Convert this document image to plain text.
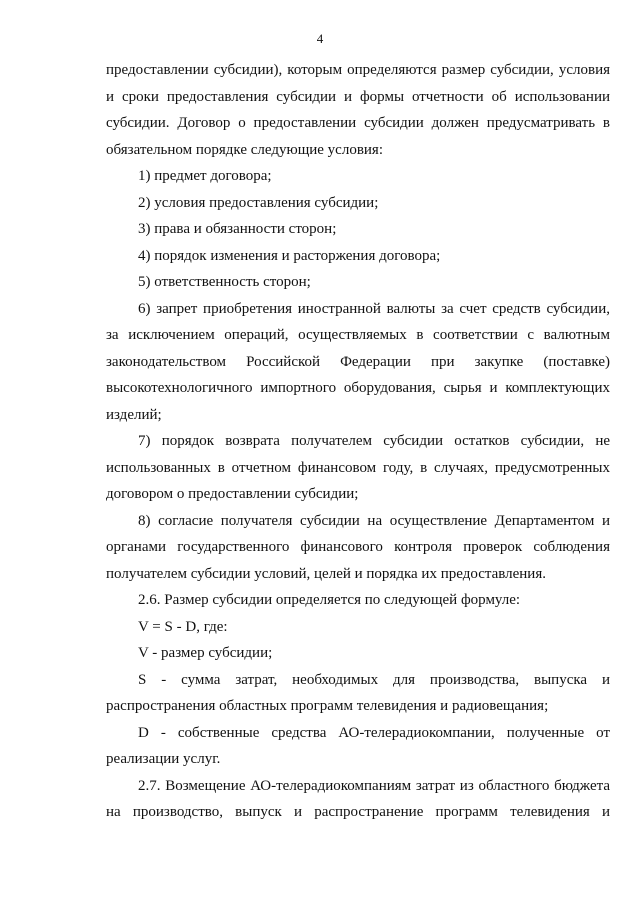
4

предоставлении субсидии), которым определяются размер субсидии, условия и сроки предоставления субсидии и формы отчетности об использовании субсидии. Договор о предоставлении субсидии должен предусматривать в обязательном порядке следующие условия:

1) предмет договора;

2) условия предоставления субсидии;

3) права и обязанности сторон;

4) порядок изменения и расторжения договора;

5) ответственность сторон;

6) запрет приобретения иностранной валюты за счет средств субсидии, за исключением операций, осуществляемых в соответствии с валютным законодательством Российской Федерации при закупке (поставке) высокотехнологичного импортного оборудования, сырья и комплектующих изделий;

7) порядок возврата получателем субсидии остатков субсидии, не использованных в отчетном финансовом году, в случаях, предусмотренных договором о предоставлении субсидии;

8) согласие получателя субсидии на осуществление Департаментом и органами государственного финансового контроля проверок соблюдения получателем субсидии условий, целей и порядка их предоставления.

2.6. Размер субсидии определяется по следующей формуле:

V = S - D, где:

V - размер субсидии;

S - сумма затрат, необходимых для производства, выпуска и распространения областных программ телевидения и радиовещания;

D - собственные средства АО-телерадиокомпании, полученные от реализации услуг.

2.7. Возмещение АО-телерадиокомпаниям затрат из областного бюджета на производство, выпуск и распространение программ телевидения и
